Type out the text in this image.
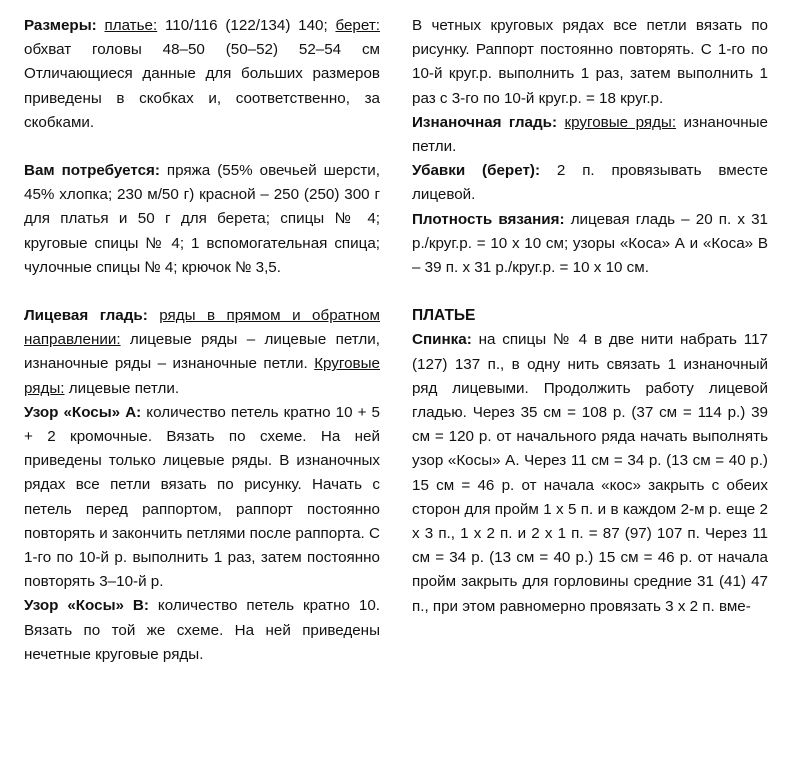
Размеры: платье: 110/116 (122/134) 140; берет: обхват головы 48–50 (50–52) 52–54 см Отличающиеся данные для больших размеров приведены в скобках и, соответственно, за скобками.

Вам потребуется: пряжа (55% овечьей шерсти, 45% хлопка; 230 м/50 г) красной – 250 (250) 300 г для платья и 50 г для берета; спицы № 4; круговые спицы № 4; 1 вспомогательная спица; чулочные спицы № 4; крючок № 3,5.

Лицевая гладь: ряды в прямом и обратном направлении: лицевые ряды – лицевые петли, изнаночные ряды – изнаночные петли. Круговые ряды: лицевые петли.

Узор «Косы» А: количество петель кратно 10 + 5 + 2 кромочные. Вязать по схеме. На ней приведены только лицевые ряды. В изнаночных рядах все петли вязать по рисунку. Начать с петель перед раппортом, раппорт постоянно повторять и закончить петлями после раппорта. С 1-го по 10-й р. выполнить 1 раз, затем постоянно повторять 3–10-й р.

Узор «Косы» В: количество петель кратно 10. Вязать по той же схеме. На ней приведены нечетные круговые ряды.

В четных круговых рядах все петли вязать по рисунку. Раппорт постоянно повторять. С 1-го по 10-й круг.р. выполнить 1 раз, затем выполнить 1 раз с 3-го по 10-й круг.р. = 18 круг.р.

Изнаночная гладь: круговые ряды: изнаночные петли.

Убавки (берет): 2 п. провязывать вместе лицевой.

Плотность вязания: лицевая гладь – 20 п. x 31 р./круг.р. = 10 x 10 см; узоры «Коса» А и «Коса» В – 39 п. x 31 р./круг.р. = 10 x 10 см.

ПЛАТЬЕ

Спинка: на спицы № 4 в две нити набрать 117 (127) 137 п., в одну нить связать 1 изнаночный ряд лицевыми. Продолжить работу лицевой гладью. Через 35 см = 108 р. (37 см = 114 р.) 39 см = 120 р. от начального ряда начать выполнять узор «Косы» А. Через 11 см = 34 р. (13 см = 40 р.) 15 см = 46 р. от начала «кос» закрыть с обеих сторон для пройм 1 x 5 п. и в каждом 2-м р. еще 2 x 3 п., 1 x 2 п. и 2 x 1 п. = 87 (97) 107 п. Через 11 см = 34 р. (13 см = 40 р.) 15 см = 46 р. от начала пройм закрыть для горловины средние 31 (41) 47 п., при этом равномерно провязать 3 x 2 п. вме-
